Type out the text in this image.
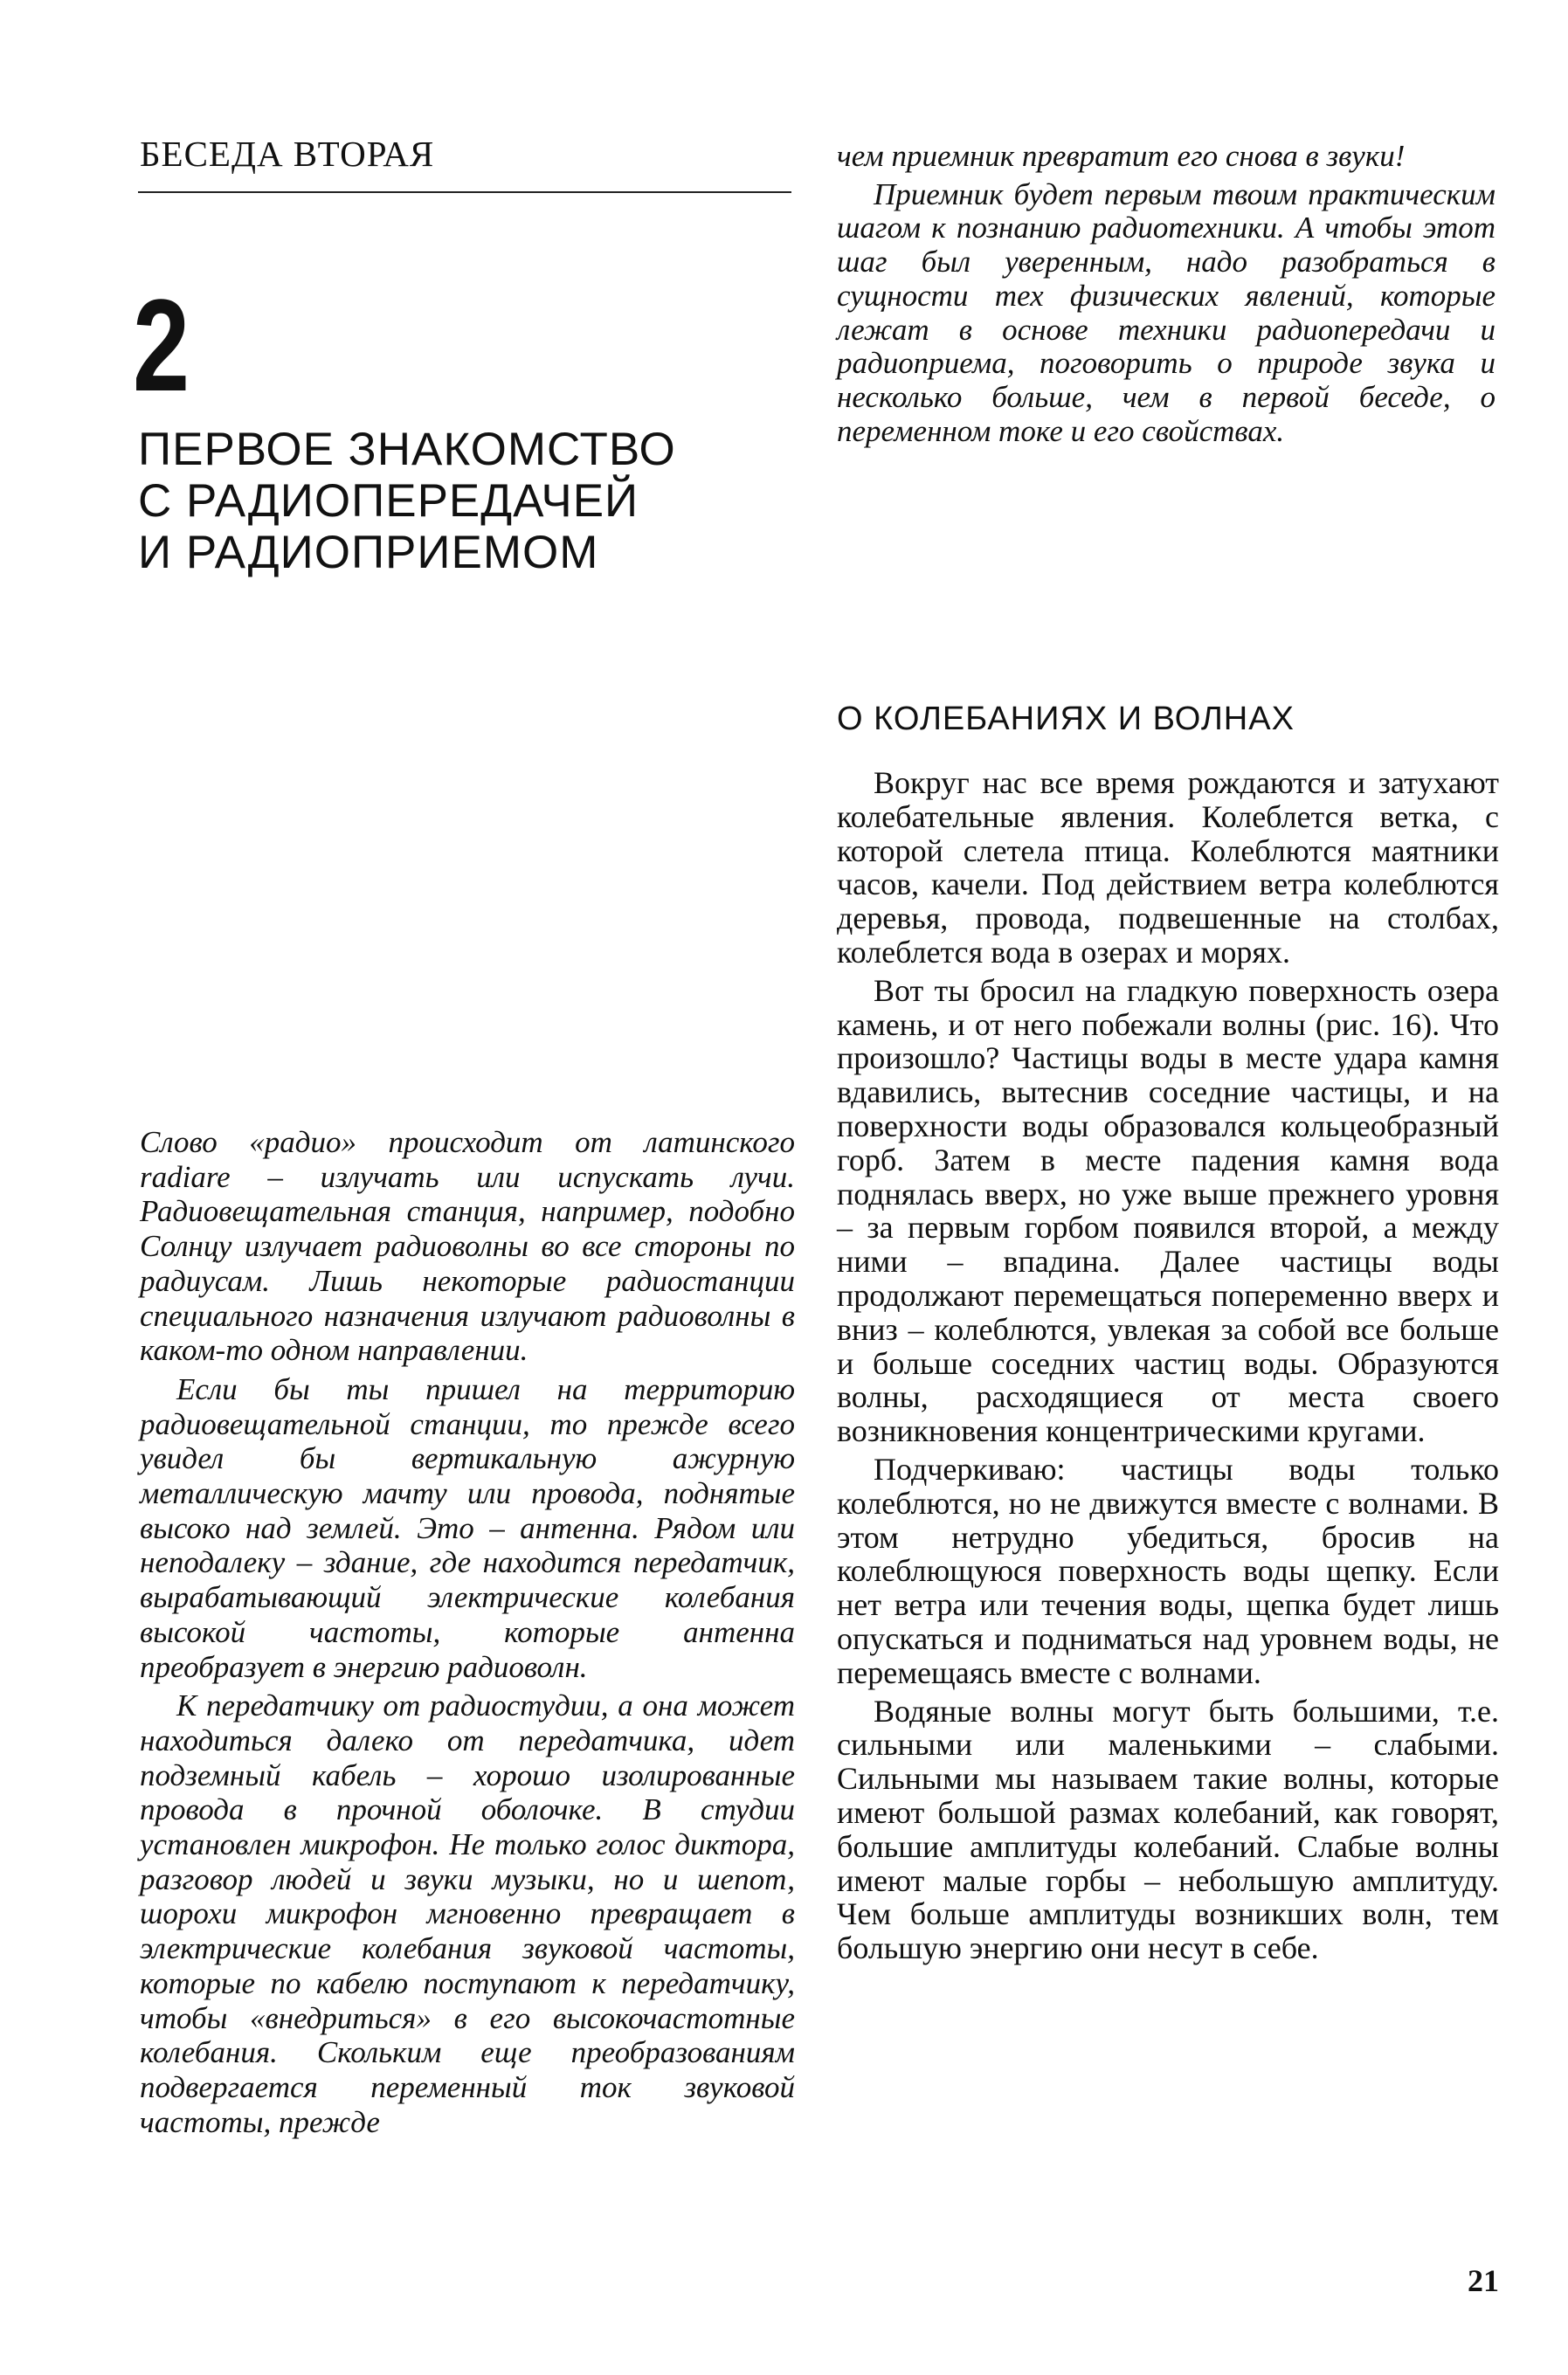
БЕСЕДА ВТОРАЯ
2
ПЕРВОЕ ЗНАКОМСТВО
С РАДИОПЕРЕДАЧЕЙ
И РАДИОПРИЕМОМ

чем приемник превратит его снова в звуки!

Приемник будет первым твоим практическим шагом к познанию радиотехники. А чтобы этот шаг был уверенным, надо разобраться в сущности тех физических явлений, которые лежат в основе техники радиопередачи и радиоприема, поговорить о природе звука и несколько больше, чем в первой беседе, о переменном токе и его свойствах.

Слово «радио» происходит от латинского radiare – излучать или испускать лучи. Радиовещательная станция, например, подобно Солнцу излучает радиоволны во все стороны по радиусам. Лишь некоторые радиостанции специального назначения излучают радиоволны в каком-то одном направлении.

Если бы ты пришел на территорию радиовещательной станции, то прежде всего увидел бы вертикальную ажурную металлическую мачту или провода, поднятые высоко над землей. Это – антенна. Рядом или неподалеку – здание, где находится передатчик, вырабатывающий электрические колебания высокой частоты, которые антенна преобразует в энергию радиоволн.

К передатчику от радиостудии, а она может находиться далеко от передатчика, идет подземный кабель – хорошо изолированные провода в прочной оболочке. В студии установлен микрофон. Не только голос диктора, разговор людей и звуки музыки, но и шепот, шорохи микрофон мгновенно превращает в электрические колебания звуковой частоты, которые по кабелю поступают к передатчику, чтобы «внедриться» в его высокочастотные колебания. Скольким еще преобразованиям подвергается переменный ток звуковой частоты, прежде

О КОЛЕБАНИЯХ И ВОЛНАХ

Вокруг нас все время рождаются и затухают колебательные явления. Колеблется ветка, с которой слетела птица. Колеблются маятники часов, качели. Под действием ветра колеблются деревья, провода, подвешенные на столбах, колеблется вода в озерах и морях.

Вот ты бросил на гладкую поверхность озера камень, и от него побежали волны (рис. 16). Что произошло? Частицы воды в месте удара камня вдавились, вытеснив соседние частицы, и на поверхности воды образовался кольцеобразный горб. Затем в месте падения камня вода поднялась вверх, но уже выше прежнего уровня – за первым горбом появился второй, а между ними – впадина. Далее частицы воды продолжают перемещаться попеременно вверх и вниз – колеблются, увлекая за собой все больше и больше соседних частиц воды. Образуются волны, расходящиеся от места своего возникновения концентрическими кругами.

Подчеркиваю: частицы воды только колеблются, но не движутся вместе с волнами. В этом нетрудно убедиться, бросив на колеблющуюся поверхность воды щепку. Если нет ветра или течения воды, щепка будет лишь опускаться и подниматься над уровнем воды, не перемещаясь вместе с волнами.

Водяные волны могут быть большими, т.е. сильными или маленькими – слабыми. Сильными мы называем такие волны, которые имеют большой размах колебаний, как говорят, большие амплитуды колебаний. Слабые волны имеют малые горбы – небольшую амплитуду. Чем больше амплитуды возникших волн, тем большую энергию они несут в себе.

21
